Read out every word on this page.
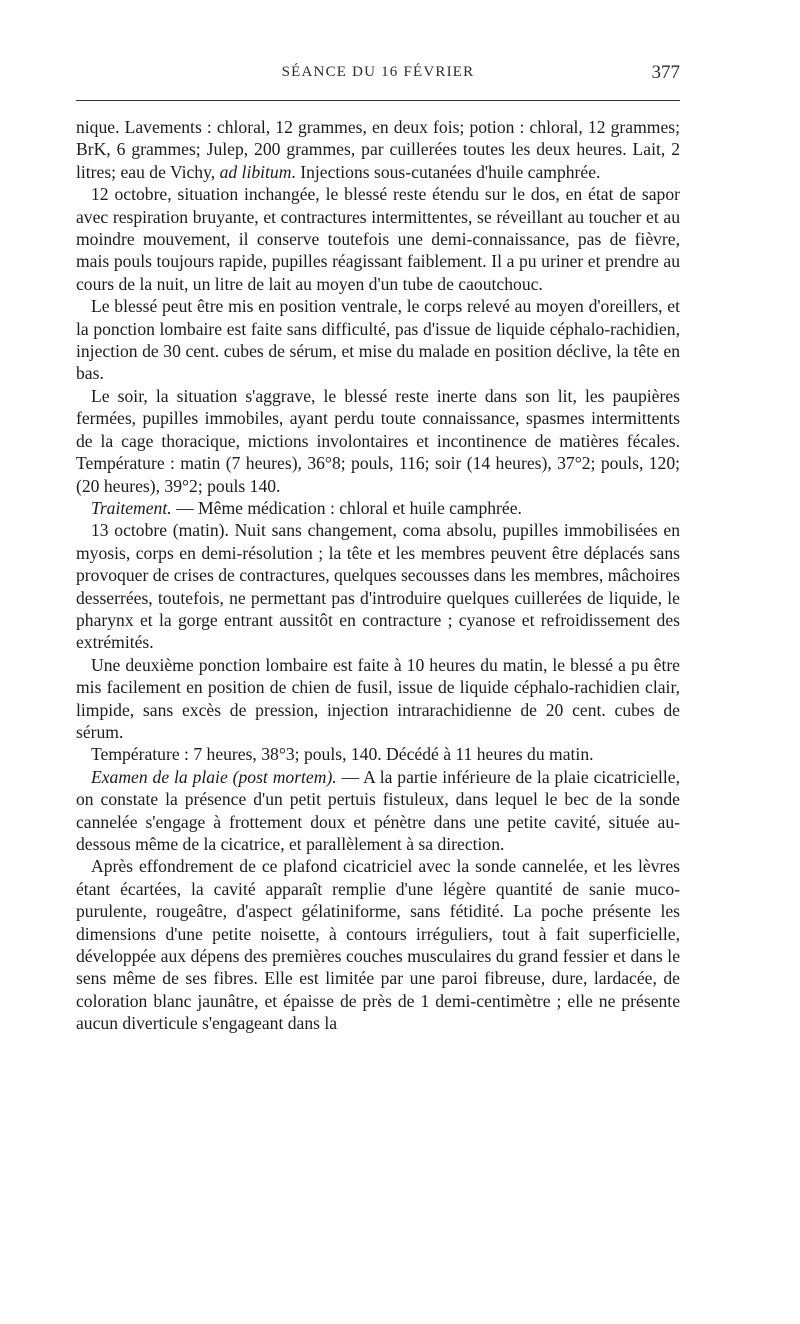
SÉANCE DU 16 FÉVRIER	377

nique. Lavements : chloral, 12 grammes, en deux fois; potion : chloral, 12 grammes; BrK, 6 grammes; Julep, 200 grammes, par cuillerées toutes les deux heures. Lait, 2 litres; eau de Vichy, ad libitum. Injections sous-cutanées d'huile camphrée.

12 octobre, situation inchangée, le blessé reste étendu sur le dos, en état de sapor avec respiration bruyante, et contractures intermittentes, se réveillant au toucher et au moindre mouvement, il conserve toutefois une demi-connaissance, pas de fièvre, mais pouls toujours rapide, pupilles réagissant faiblement. Il a pu uriner et prendre au cours de la nuit, un litre de lait au moyen d'un tube de caoutchouc.

Le blessé peut être mis en position ventrale, le corps relevé au moyen d'oreillers, et la ponction lombaire est faite sans difficulté, pas d'issue de liquide céphalo-rachidien, injection de 30 cent. cubes de sérum, et mise du malade en position déclive, la tête en bas.

Le soir, la situation s'aggrave, le blessé reste inerte dans son lit, les paupières fermées, pupilles immobiles, ayant perdu toute connaissance, spasmes intermittents de la cage thoracique, mictions involontaires et incontinence de matières fécales. Température : matin (7 heures), 36°8; pouls, 116; soir (14 heures), 37°2; pouls, 120; (20 heures), 39°2; pouls 140.

Traitement. — Même médication : chloral et huile camphrée.

13 octobre (matin). Nuit sans changement, coma absolu, pupilles immobilisées en myosis, corps en demi-résolution ; la tête et les membres peuvent être déplacés sans provoquer de crises de contractures, quelques secousses dans les membres, mâchoires desserrées, toutefois, ne permettant pas d'introduire quelques cuillerées de liquide, le pharynx et la gorge entrant aussitôt en contracture ; cyanose et refroidissement des extrémités.

Une deuxième ponction lombaire est faite à 10 heures du matin, le blessé a pu être mis facilement en position de chien de fusil, issue de liquide céphalo-rachidien clair, limpide, sans excès de pression, injection intrarachidienne de 20 cent. cubes de sérum.

Température : 7 heures, 38°3; pouls, 140. Décédé à 11 heures du matin.

Examen de la plaie (post mortem). — A la partie inférieure de la plaie cicatricielle, on constate la présence d'un petit pertuis fistuleux, dans lequel le bec de la sonde cannelée s'engage à frottement doux et pénètre dans une petite cavité, située au-dessous même de la cicatrice, et parallèlement à sa direction.

Après effondrement de ce plafond cicatriciel avec la sonde cannelée, et les lèvres étant écartées, la cavité apparaît remplie d'une légère quantité de sanie muco-purulente, rougeâtre, d'aspect gélatiniforme, sans fétidité. La poche présente les dimensions d'une petite noisette, à contours irréguliers, tout à fait superficielle, développée aux dépens des premières couches musculaires du grand fessier et dans le sens même de ses fibres. Elle est limitée par une paroi fibreuse, dure, lardacée, de coloration blanc jaunâtre, et épaisse de près de 1 demi-centimètre ; elle ne présente aucun diverticule s'engageant dans la
